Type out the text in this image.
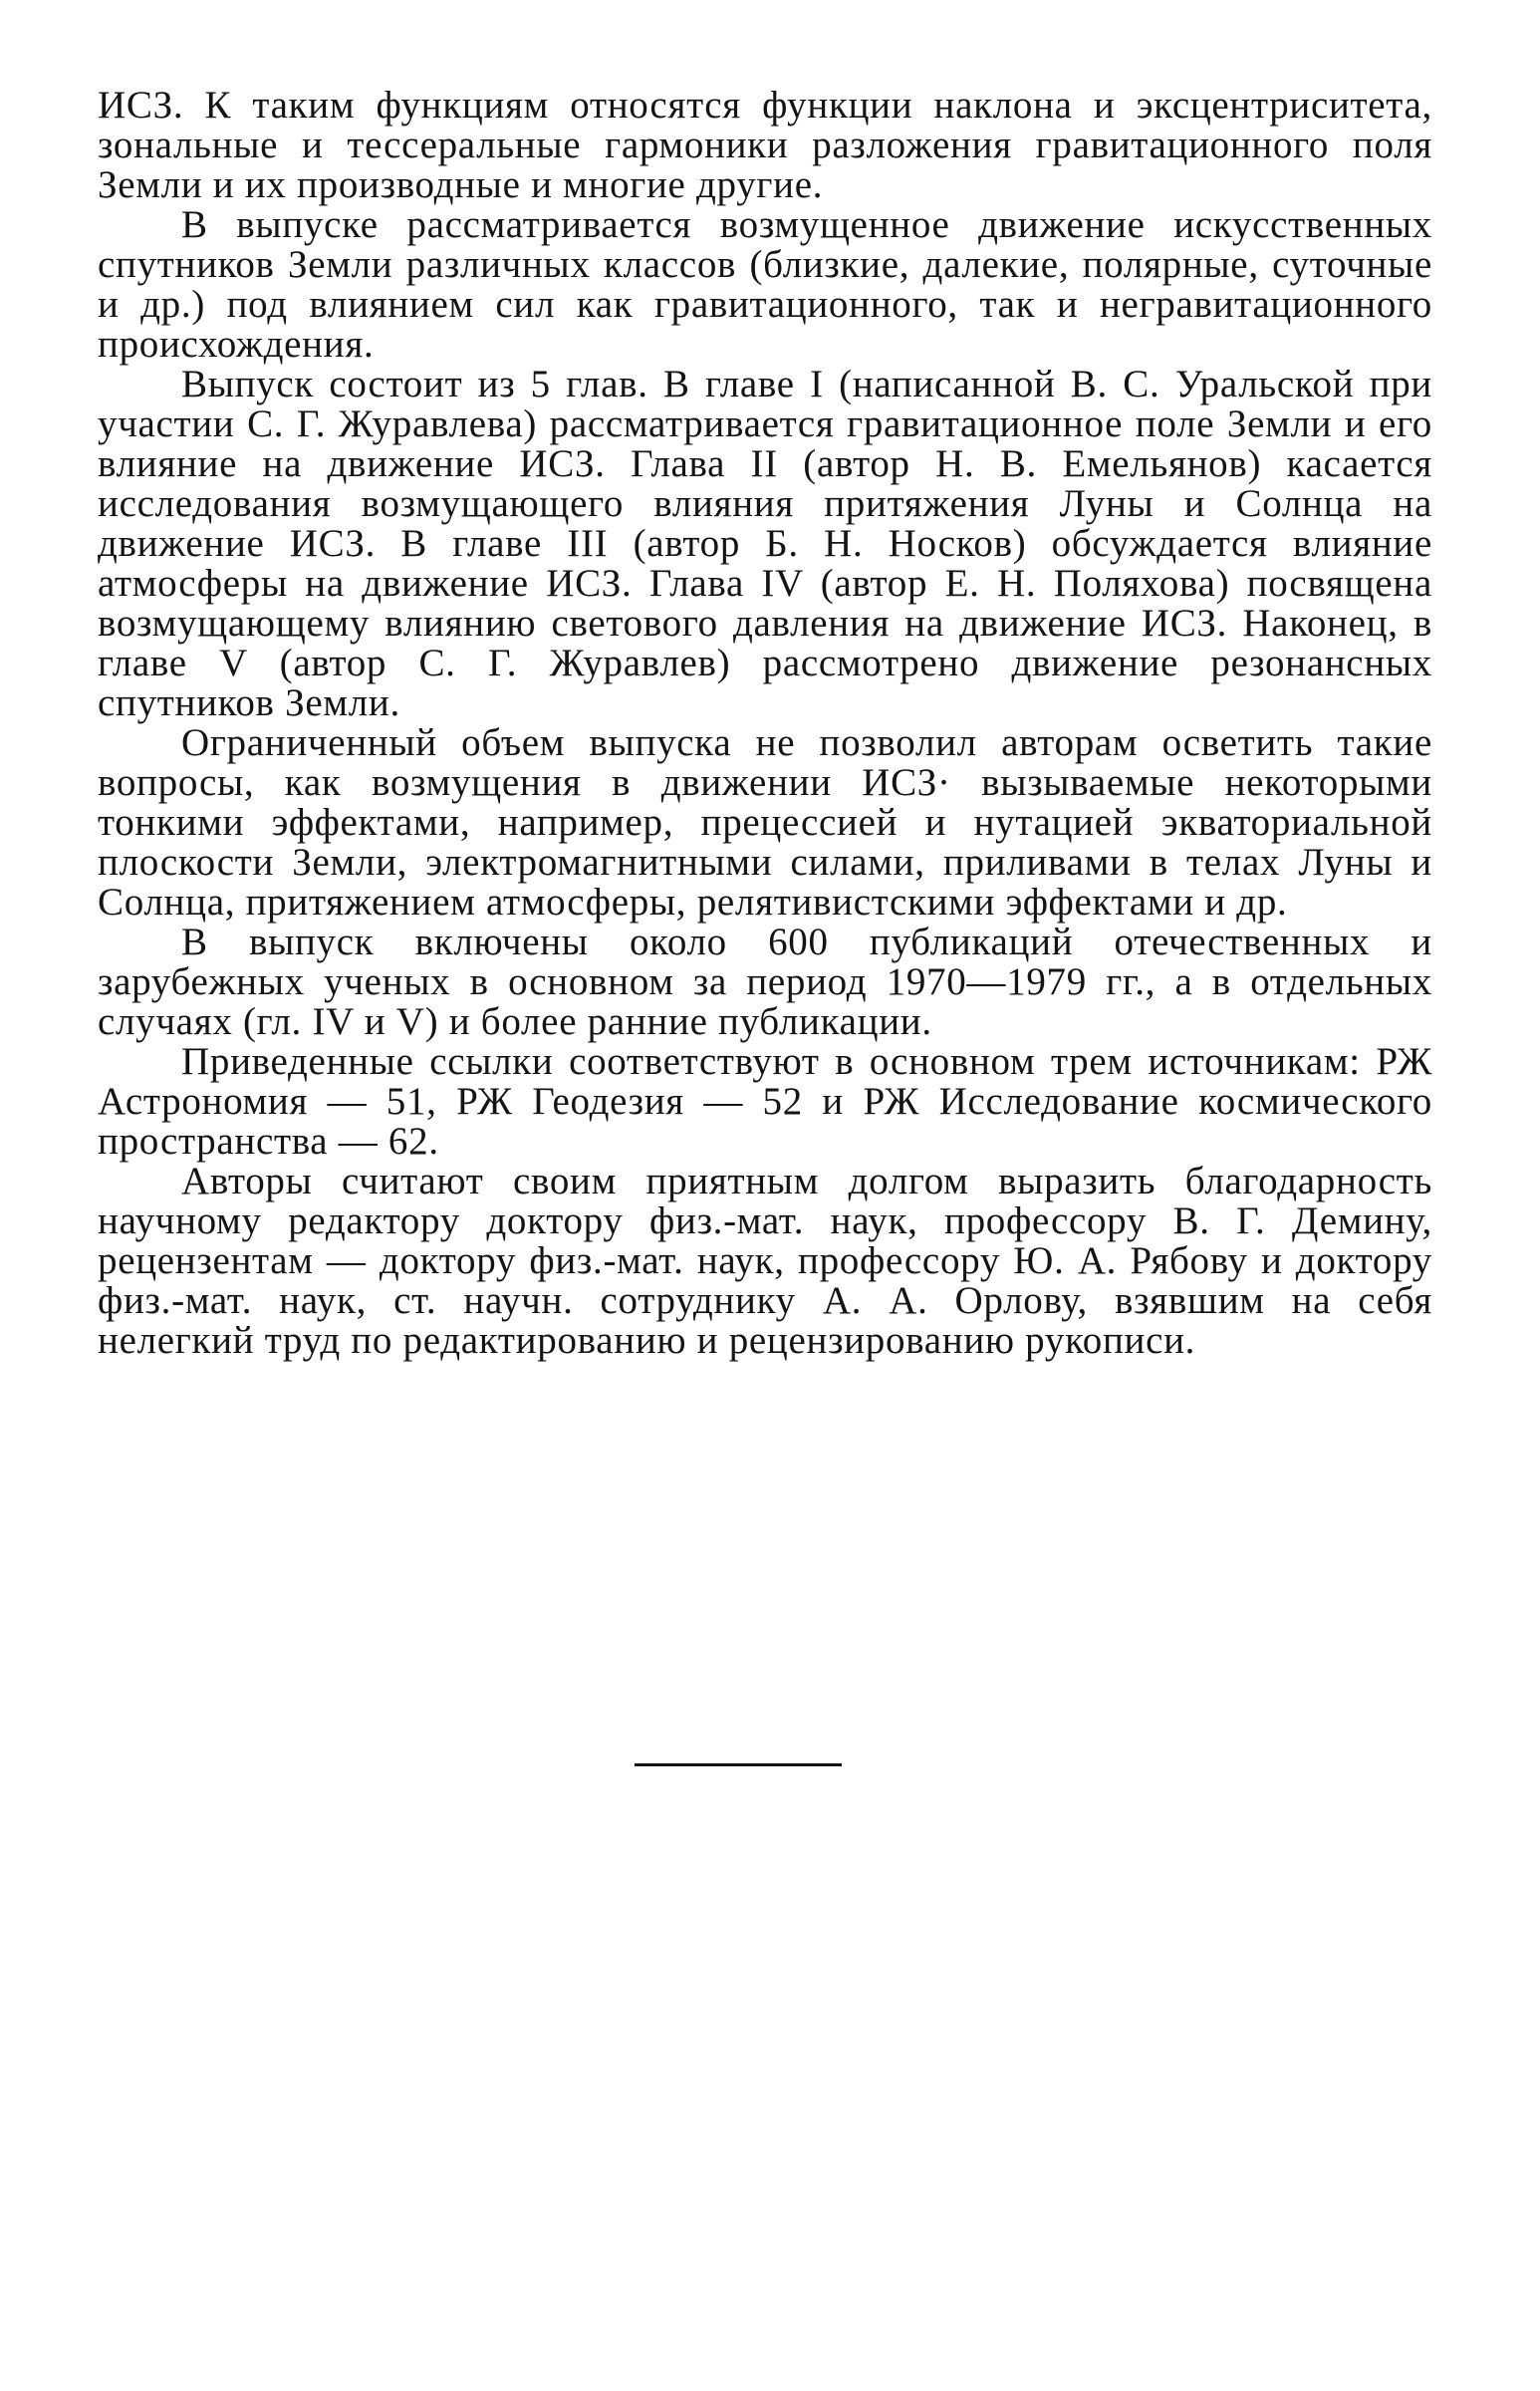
ИСЗ. К таким функциям относятся функции наклона и эксцентриситета, зональные и тессеральные гармоники разложения гравитационного поля Земли и их производные и многие другие.

В выпуске рассматривается возмущенное движение искусственных спутников Земли различных классов (близкие, далекие, полярные, суточные и др.) под влиянием сил как гравитационного, так и негравитационного происхождения.

Выпуск состоит из 5 глав. В главе I (написанной В. С. Уральской при участии С. Г. Журавлева) рассматривается гравитационное поле Земли и его влияние на движение ИСЗ. Глава II (автор Н. В. Емельянов) касается исследования возмущающего влияния притяжения Луны и Солнца на движение ИСЗ. В главе III (автор Б. Н. Носков) обсуждается влияние атмосферы на движение ИСЗ. Глава IV (автор Е. Н. Поляхова) посвящена возмущающему влиянию светового давления на движение ИСЗ. Наконец, в главе V (автор С. Г. Журавлев) рассмотрено движение резонансных спутников Земли.

Ограниченный объем выпуска не позволил авторам осветить такие вопросы, как возмущения в движении ИСЗ· вызываемые некоторыми тонкими эффектами, например, прецессией и нутацией экваториальной плоскости Земли, электромагнитными силами, приливами в телах Луны и Солнца, притяжением атмосферы, релятивистскими эффектами и др.

В выпуск включены около 600 публикаций отечественных и зарубежных ученых в основном за период 1970—1979 гг., а в отдельных случаях (гл. IV и V) и более ранние публикации.

Приведенные ссылки соответствуют в основном трем источникам: РЖ Астрономия — 51, РЖ Геодезия — 52 и РЖ Исследование космического пространства — 62.

Авторы считают своим приятным долгом выразить благодарность научному редактору доктору физ.-мат. наук, профессору В. Г. Демину, рецензентам — доктору физ.-мат. наук, профессору Ю. А. Рябову и доктору физ.-мат. наук, ст. научн. сотруднику А. А. Орлову, взявшим на себя нелегкий труд по редактированию и рецензированию рукописи.
